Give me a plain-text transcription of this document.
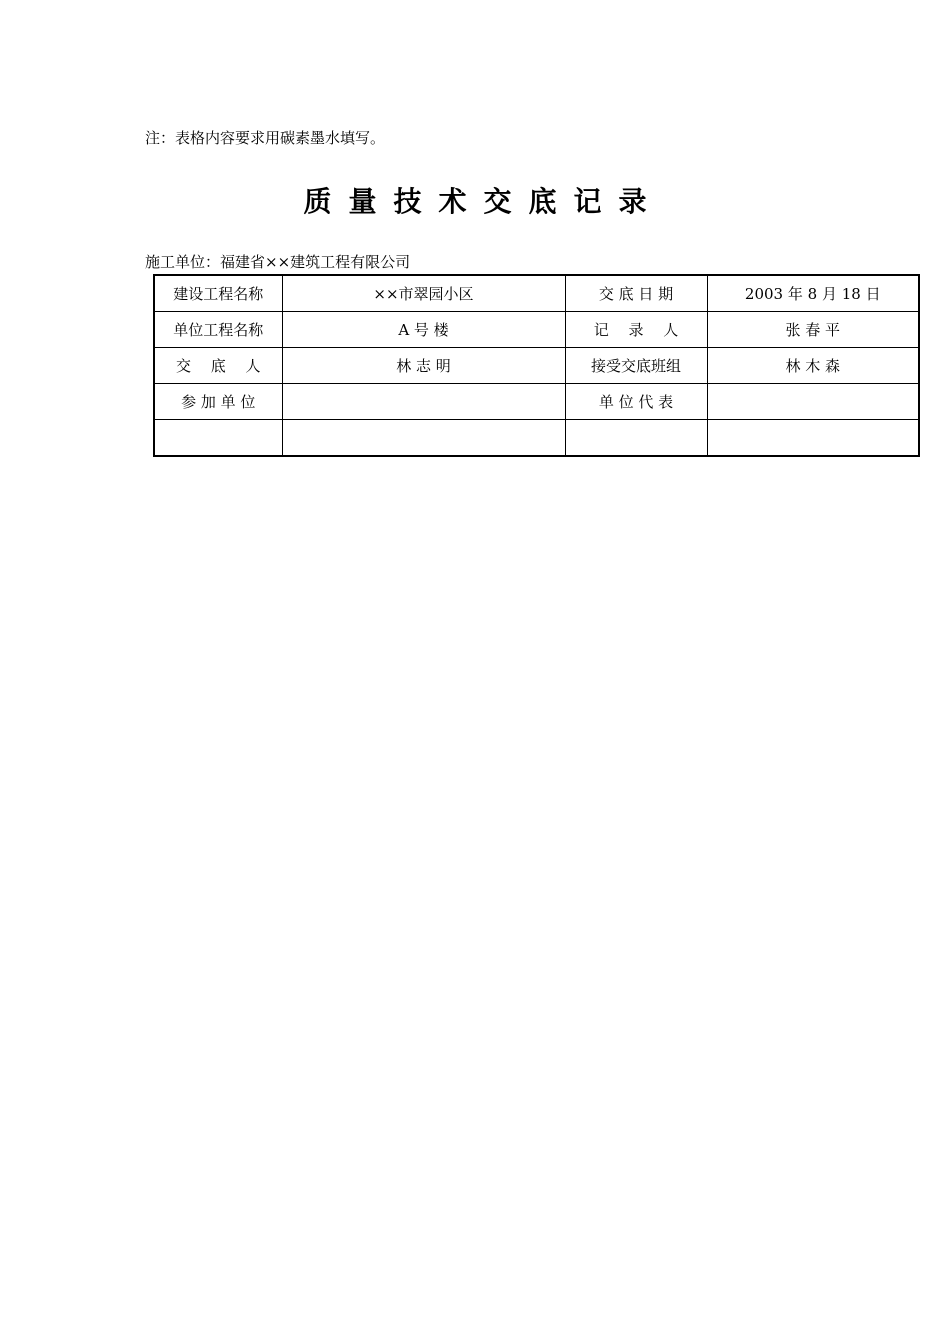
注：表格内容要求用碳素墨水填写。
质量技术交底记录
施工单位：福建省××建筑工程有限公司
建设工程名称	××市翠园小区	交 底 日 期	2003 年 8 月 18 日
单位工程名称	A 号 楼	记　 录　 人	张 春 平
交　 底　 人	林 志 明	接受交底班组	林 木 森
参 加 单 位		单 位 代 表	
